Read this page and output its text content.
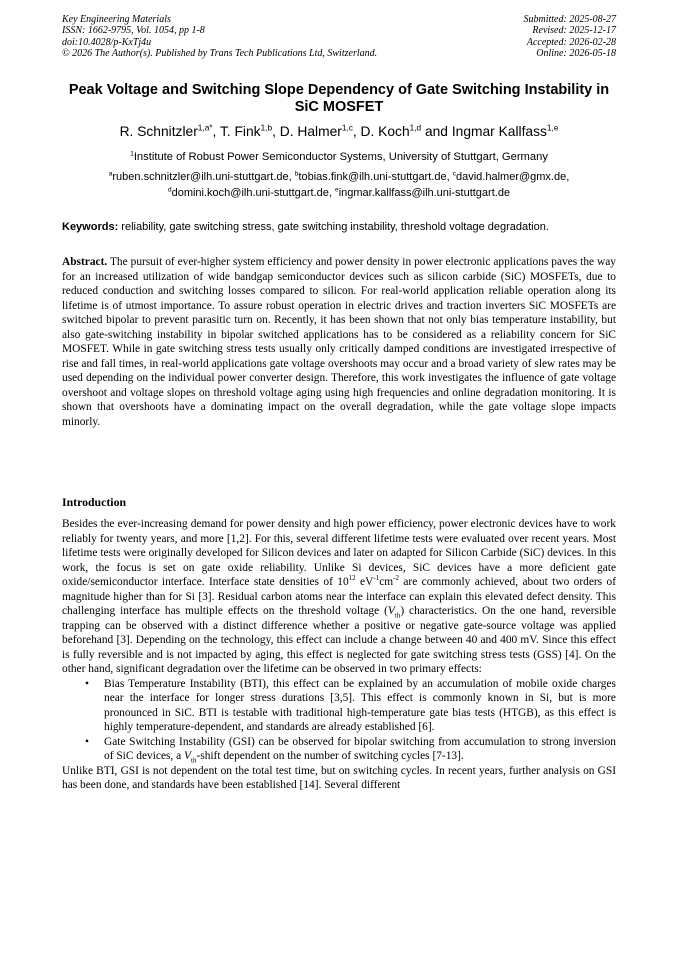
Key Engineering Materials
ISSN: 1662-9795, Vol. 1054, pp 1-8
doi:10.4028/p-KxTj4u
© 2026 The Author(s). Published by Trans Tech Publications Ltd, Switzerland.
Submitted: 2025-08-27
Revised: 2025-12-17
Accepted: 2026-02-28
Online: 2026-05-18
Peak Voltage and Switching Slope Dependency of Gate Switching Instability in SiC MOSFET
R. Schnitzler$^{1,a*}$, T. Fink$^{1,b}$, D. Halmer$^{1,c}$, D. Koch$^{1,d}$ and Ingmar Kallfass$^{1,e}$
$^1$Institute of Robust Power Semiconductor Systems, University of Stuttgart, Germany
$^a$ruben.schnitzler@ilh.uni-stuttgart.de, $^b$tobias.fink@ilh.uni-stuttgart.de, $^c$david.halmer@gmx.de,
$^d$domini.koch@ilh.uni-stuttgart.de, $^e$ingmar.kallfass@ilh.uni-stuttgart.de
Keywords: reliability, gate switching stress, gate switching instability, threshold voltage degradation.
Abstract. The pursuit of ever-higher system efficiency and power density in power electronic applications paves the way for an increased utilization of wide bandgap semiconductor devices such as silicon carbide (SiC) MOSFETs, due to reduced conduction and switching losses compared to silicon. For real-world application reliable operation along its lifetime is of utmost importance. To assure robust operation in electric drives and traction inverters SiC MOSFETs are switched bipolar to prevent parasitic turn on. Recently, it has been shown that not only bias temperature instability, but also gate-switching instability in bipolar switched applications has to be considered as a reliability concern for SiC MOSFET. While in gate switching stress tests usually only critically damped conditions are investigated irrespective of rise and fall times, in real-world applications gate voltage overshoots may occur and a broad variety of slew rates may be used depending on the individual power converter design. Therefore, this work investigates the influence of gate voltage overshoot and voltage slopes on threshold voltage aging using high frequencies and online degradation monitoring. It is shown that overshoots have a dominating impact on the overall degradation, while the gate voltage slope impacts minorly.
Introduction

Besides the ever-increasing demand for power density and high power efficiency, power electronic devices have to work reliably for twenty years, and more [1,2]. For this, several different lifetime tests were evaluated over recent years. Most lifetime tests were originally developed for Silicon devices and later on adapted for Silicon Carbide (SiC) devices. In this work, the focus is set on gate oxide reliability. Unlike Si devices, SiC devices have a more deficient gate oxide/semiconductor interface. Interface state densities of $10^{12}$ $eV^{-1}cm^{-2}$ are commonly achieved, about two orders of magnitude higher than for Si [3]. Residual carbon atoms near the interface can explain this elevated defect density. This challenging interface has multiple effects on the threshold voltage $(V_{th})$ characteristics. On the one hand, reversible trapping can be observed with a distinct difference whether a positive or negative gate-source voltage was applied beforehand [3]. Depending on the technology, this effect can include a change between 40 and 400 mV. Since this effect is fully reversible and is not impacted by aging, this effect is neglected for gate switching stress tests (GSS) [4]. On the other hand, significant degradation over the lifetime can be observed in two primary effects:

• Bias Temperature Instability (BTI), this effect can be explained by an accumulation of mobile oxide charges near the interface for longer stress durations [3,5]. This effect is commonly known in Si, but is more pronounced in SiC. BTI is testable with traditional high-temperature gate bias tests (HTGB), as this effect is highly temperature-dependent, and standards are already established [6].
• Gate Switching Instability (GSI) can be observed for bipolar switching from accumulation to strong inversion of SiC devices, a $V_{th}$-shift dependent on the number of switching cycles [7-13].

Unlike BTI, GSI is not dependent on the total test time, but on switching cycles. In recent years, further analysis on GSI has been done, and standards have been established [14]. Several different
